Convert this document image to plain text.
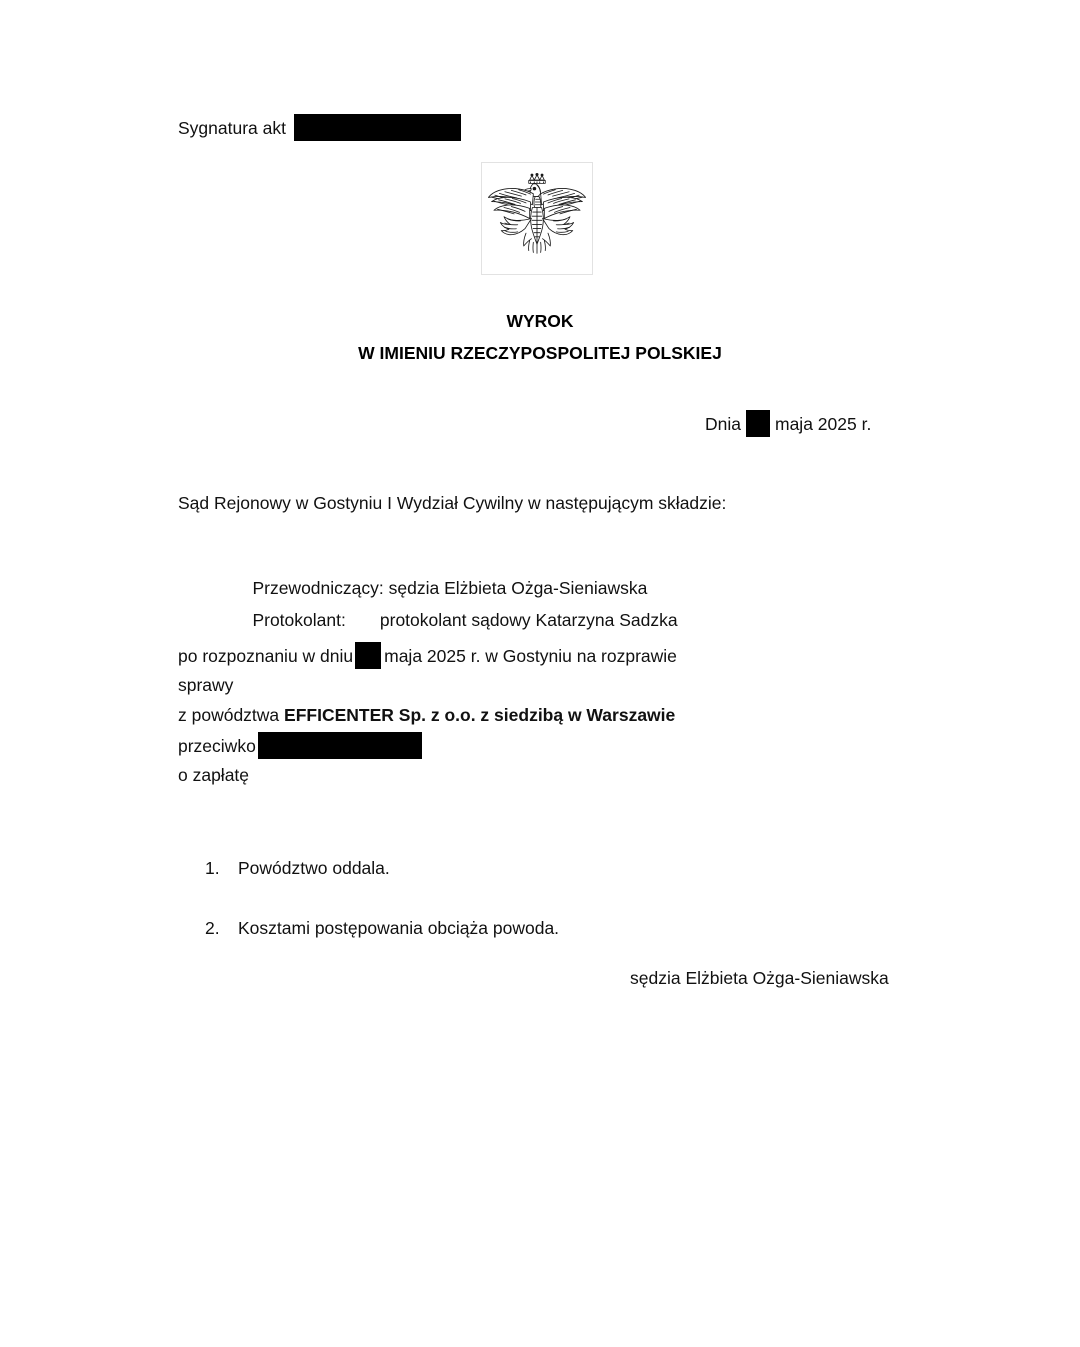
Sygnatura akt
WYROK
W IMIENIU RZECZYPOSPOLITEJ POLSKIEJ
Dnia maja 2025 r.
Sąd Rejonowy w Gostyniu I Wydział Cywilny w następującym składzie:

Przewodniczący: sędzia Elżbieta Ożga-Sieniawska

Protokolant: protokolant sądowy Katarzyna Sadzka

po rozpoznaniu w dniu maja 2025 r. w Gostyniu na rozprawie
sprawy
z powództwa
EFFICENTER Sp. z o.o. z siedzibą w Warszawie
przeciwko
o zapłatę
1.	Powództwo oddala.
2.	Kosztami postępowania obciąża powoda.
sędzia Elżbieta Ożga-Sieniawska
